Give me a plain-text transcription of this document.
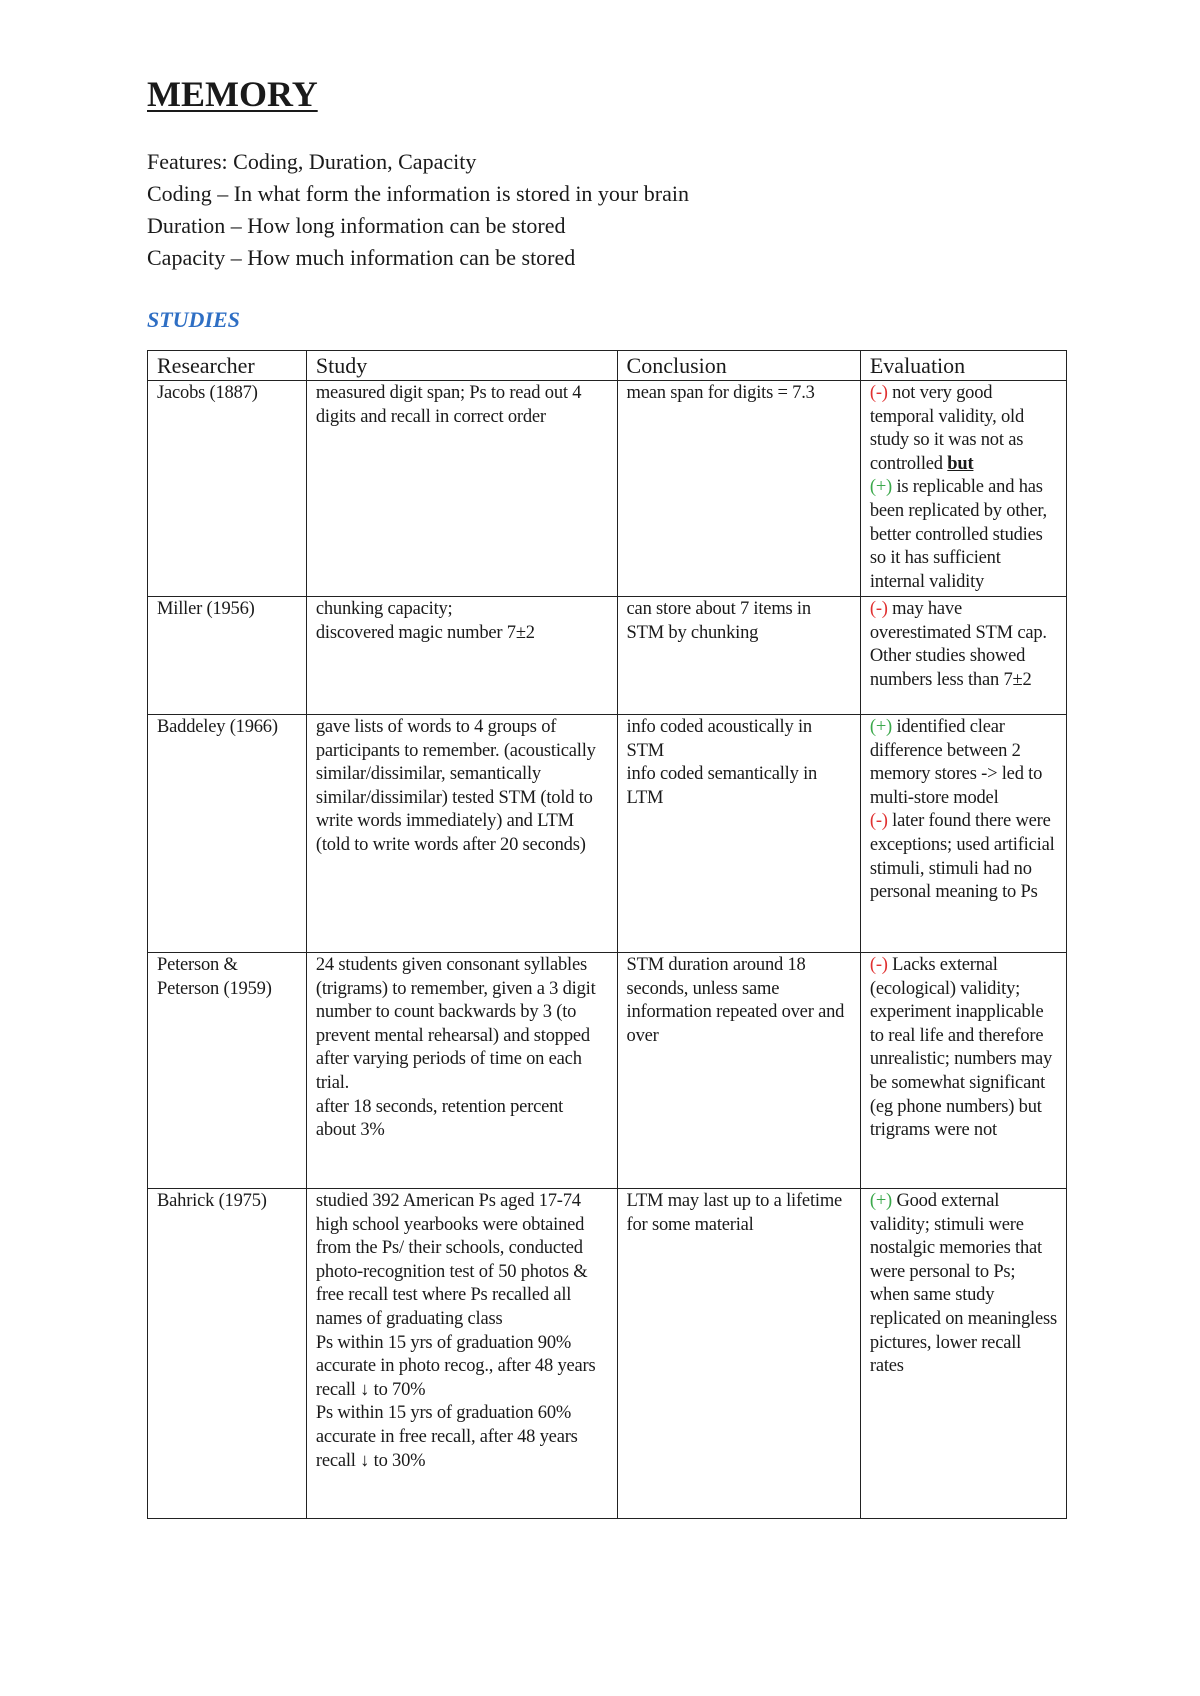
MEMORY

Features: Coding, Duration, Capacity

Coding – In what form the information is stored in your brain

Duration – How long information can be stored

Capacity – How much information can be stored

STUDIES
Researcher	Study	Conclusion	Evaluation
Jacobs (1887)	measured digit span; Ps to read out 4 digits and recall in correct order	mean span for digits = 7.3	(-) not very good temporal validity, old study so it was not as controlled but
(+) is replicable and has been replicated by other, better controlled studies so it has sufficient internal validity

Miller (1956)	chunking capacity;
discovered magic number 7±2	can store about 7 items in STM by chunking	(-) may have overestimated STM cap. Other studies showed numbers less than 7±2
Baddeley (1966)	gave lists of words to 4 groups of participants to remember. (acoustically similar/dissimilar, semantically similar/dissimilar) tested STM (told to write words immediately) and LTM (told to write words after 20 seconds)	info coded acoustically in STM
info coded semantically in LTM	(+) identified clear difference between 2 memory stores -> led to multi-store model
(-) later found there were exceptions; used artificial stimuli, stimuli had no personal meaning to Ps

Peterson & Peterson (1959)	24 students given consonant syllables (trigrams) to remember, given a 3 digit number to count backwards by 3 (to prevent mental rehearsal) and stopped after varying periods of time on each trial.
after 18 seconds, retention percent about 3%	STM duration around 18 seconds, unless same information repeated over and over	(-) Lacks external (ecological) validity; experiment inapplicable to real life and therefore unrealistic; numbers may be somewhat significant (eg phone numbers) but trigrams were not
Bahrick (1975)	studied 392 American Ps aged 17-74
high school yearbooks were obtained from the Ps/ their schools, conducted photo-recognition test of 50 photos & free recall test where Ps recalled all names of graduating class
Ps within 15 yrs of graduation 90% accurate in photo recog., after 48 years recall ↓ to 70%
Ps within 15 yrs of graduation 60% accurate in free recall, after 48 years recall ↓ to 30%	LTM may last up to a lifetime for some material	(+) Good external validity; stimuli were nostalgic memories that were personal to Ps; when same study replicated on meaningless pictures, lower recall rates
